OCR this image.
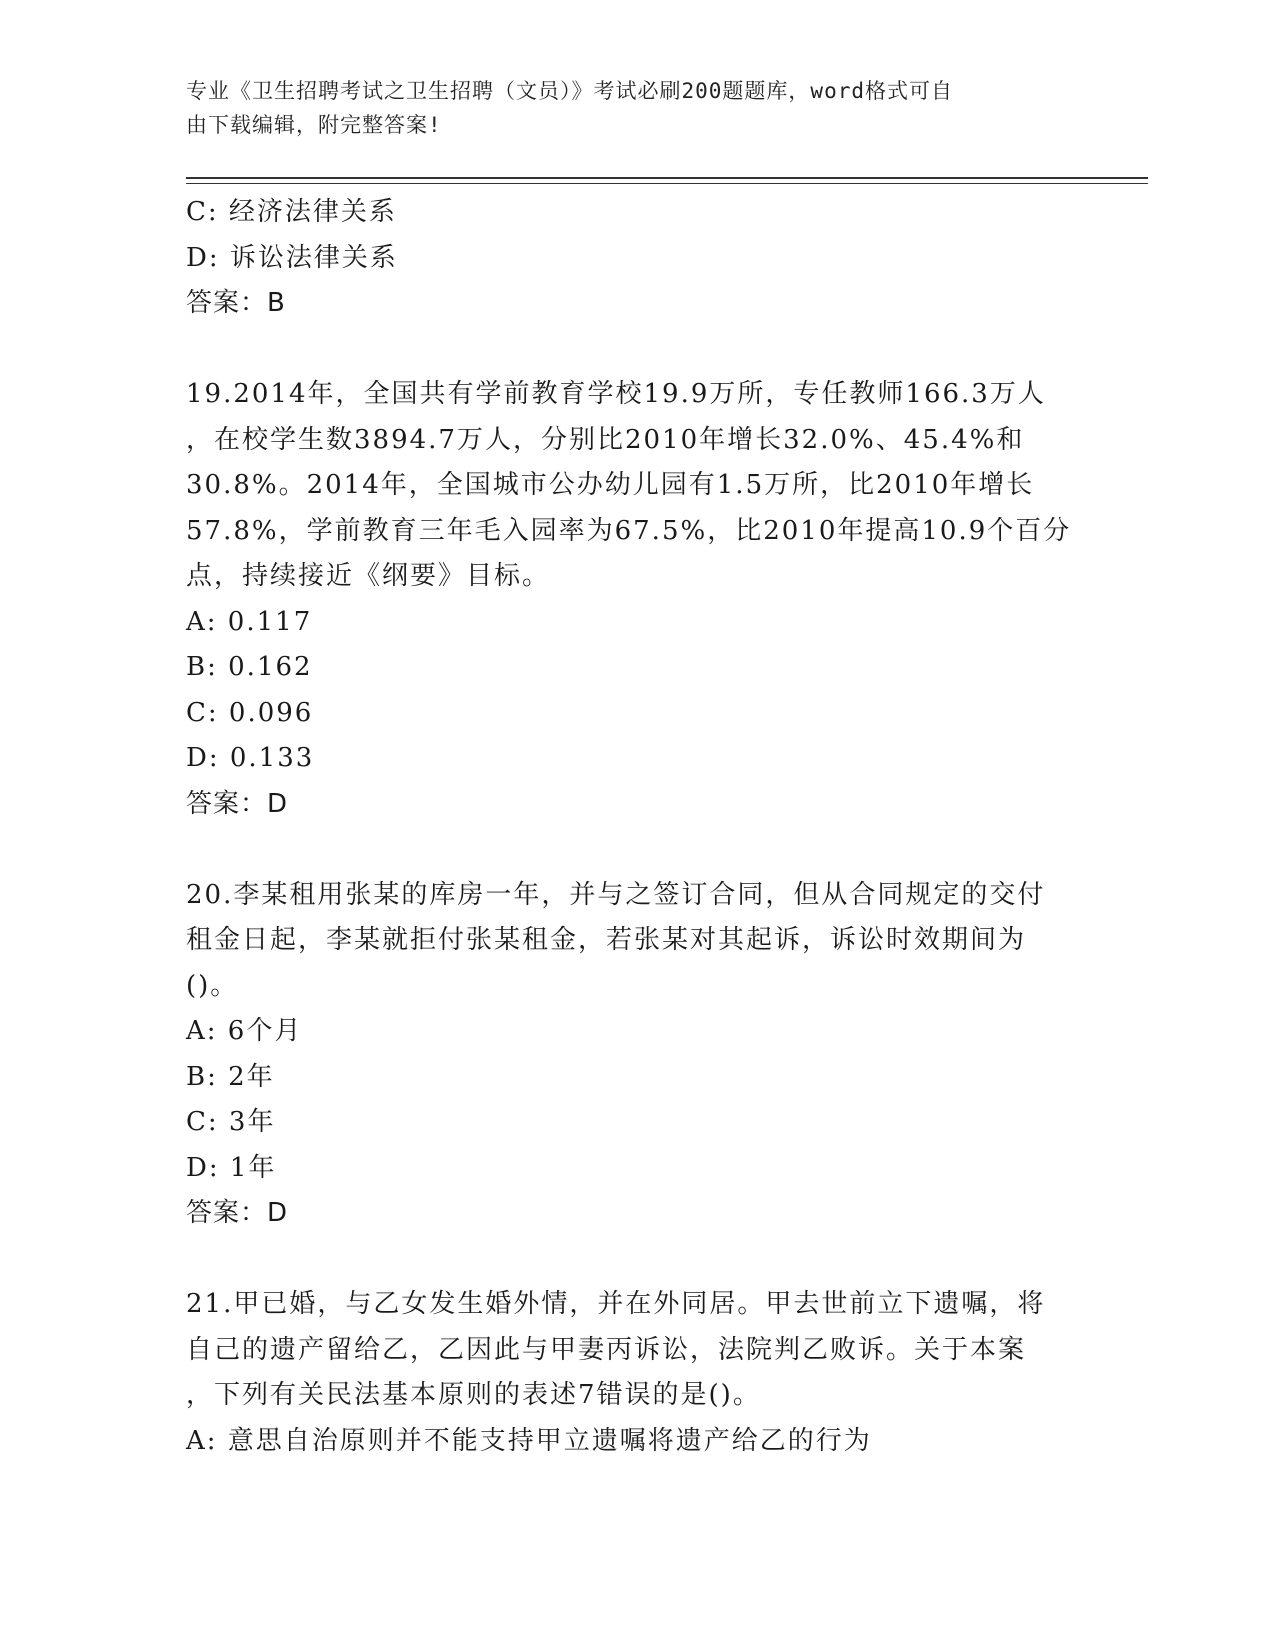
专业《卫生招聘考试之卫生招聘（文员）》考试必刷200题题库，word格式可自
由下载编辑，附完整答案!
C: 经济法律关系
D: 诉讼法律关系
答案：B
19.2014年，全国共有学前教育学校19.9万所，专任教师166.3万人
，在校学生数3894.7万人，分别比2010年增长32.0%、45.4%和
30.8%。2014年，全国城市公办幼儿园有1.5万所，比2010年增长
57.8%，学前教育三年毛入园率为67.5%，比2010年提高10.9个百分
点，持续接近《纲要》目标。
A: 0.117
B: 0.162
C: 0.096
D: 0.133
答案：D
20.李某租用张某的库房一年，并与之签订合同，但从合同规定的交付
租金日起，李某就拒付张某租金，若张某对其起诉，诉讼时效期间为
()。
A: 6个月
B: 2年
C: 3年
D: 1年
答案：D
21.甲已婚，与乙女发生婚外情，并在外同居。甲去世前立下遗嘱，将
自己的遗产留给乙，乙因此与甲妻丙诉讼，法院判乙败诉。关于本案
，下列有关民法基本原则的表述7错误的是()。
A: 意思自治原则并不能支持甲立遗嘱将遗产给乙的行为
